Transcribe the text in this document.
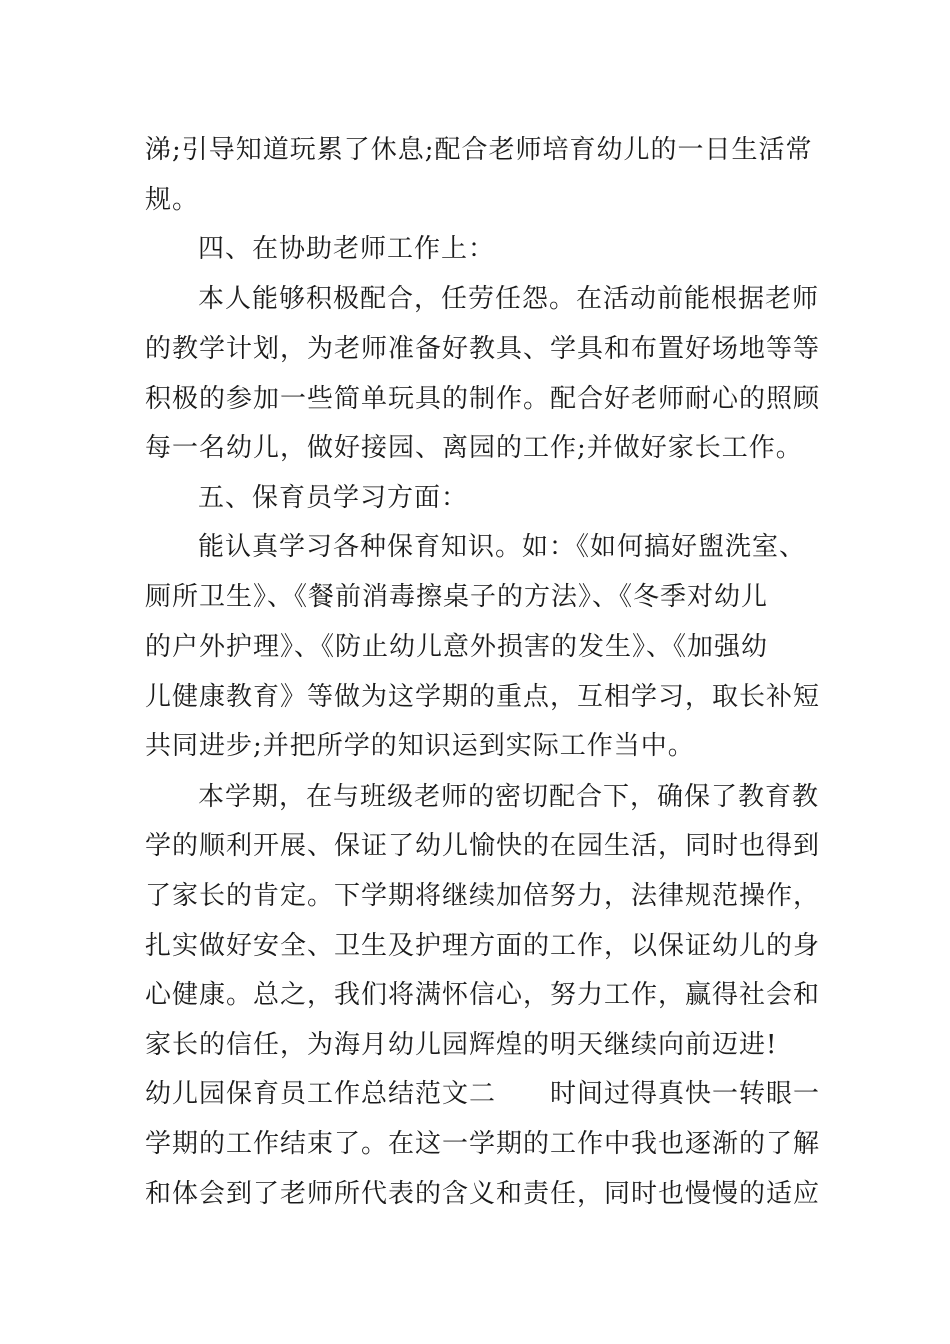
涕;引导知道玩累了休息;配合老师培育幼儿的一日生活常
规。
四、在协助老师工作上：
本人能够积极配合，任劳任怨。在活动前能根据老师
的教学计划，为老师准备好教具、学具和布置好场地等等
积极的参加一些简单玩具的制作。配合好老师耐心的照顾
每一名幼儿，做好接园、离园的工作;并做好家长工作。
五、保育员学习方面：
能认真学习各种保育知识。如：《如何搞好盥洗室、
厕所卫生》、《餐前消毒擦桌子的方法》、《冬季对幼儿
的户外护理》、《防止幼儿意外损害的发生》、《加强幼
儿健康教育》等做为这学期的重点，互相学习，取长补短
共同进步;并把所学的知识运到实际工作当中。
本学期，在与班级老师的密切配合下，确保了教育教
学的顺利开展、保证了幼儿愉快的在园生活，同时也得到
了家长的肯定。下学期将继续加倍努力，法律规范操作，
扎实做好安全、卫生及护理方面的工作，以保证幼儿的身
心健康。总之，我们将满怀信心，努力工作，赢得社会和
家长的信任，为海月幼儿园辉煌的明天继续向前迈进!
幼儿园保育员工作总结范文二　　时间过得真快一转眼一
学期的工作结束了。在这一学期的工作中我也逐渐的了解
和体会到了老师所代表的含义和责任，同时也慢慢的适应
